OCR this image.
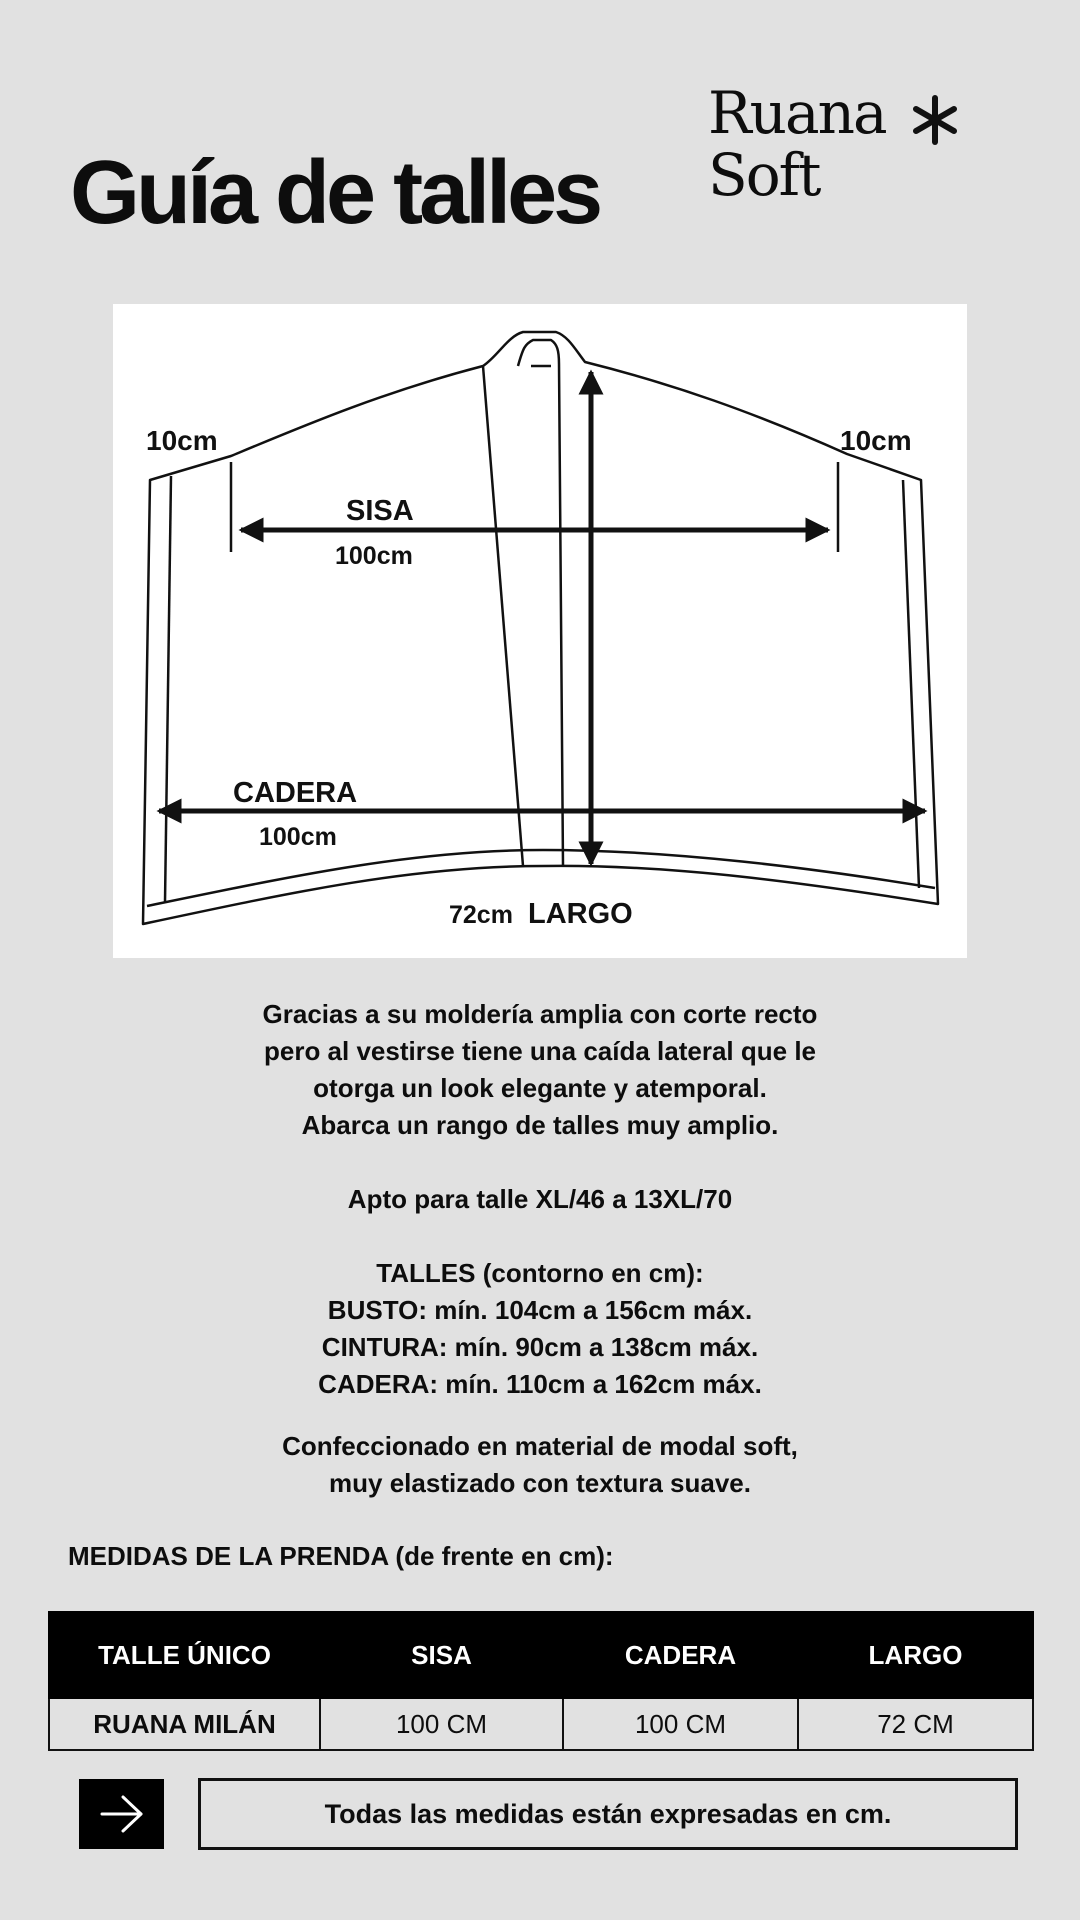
Guía de talles
Ruana
Soft
10cm	10cm
SISA
100cm
CADERA
100cm
72cm LARGO

Gracias a su moldería amplia con corte recto

pero al vestirse tiene una caída lateral que le

otorga un look elegante y atemporal.

Abarca un rango de talles muy amplio.

Apto para talle XL/46 a 13XL/70

TALLES (contorno en cm):

BUSTO: mín. 104cm a 156cm máx.

CINTURA: mín. 90cm a 138cm máx.

CADERA: mín. 110cm a 162cm máx.

Confeccionado en material de modal soft,

muy elastizado con textura suave.

MEDIDAS DE LA PRENDA (de frente en cm):

TALLE ÚNICO	SISA	CADERA	LARGO
RUANA MILÁN	100 CM	100 CM	72 CM
Todas las medidas están expresadas en cm.
